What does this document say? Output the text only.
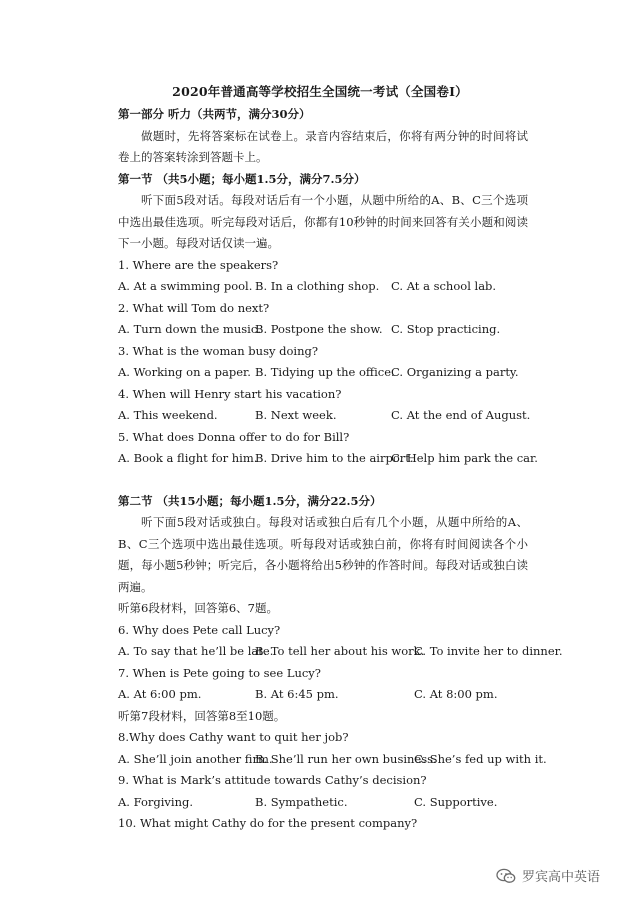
2020年普通高等学校招生全国统一考试（全国卷I）
第一部分 听力（共两节，满分30分）
做题时，先将答案标在试卷上。录音内容结束后，你将有两分钟的时间将试卷上的答案转涂到答题卡上。
第一节 （共5小题；每小题1.5分，满分7.5分）
听下面5段对话。每段对话后有一个小题，从题中所给的A、B、C三个选项中选出最佳选项。听完每段对话后，你都有10秒钟的时间来回答有关小题和阅读下一小题。每段对话仅读一遍。
1. Where are the speakers?
A. At a swimming pool. B. In a clothing shop. C. At a school lab.
2. What will Tom do next?
A. Turn down the music.
B. Postpone the show. C. Stop practicing.
3. What is the woman busy doing?
A. Working on a paper. B. Tidying up the office.
C. Organizing a party.
4. When will Henry start his vacation?
A. This weekend.	B. Next week.	C. At the end of August.
5. What does Donna offer to do for Bill?
A. Book a flight for him.
B. Drive him to the airport.
C. Help him park the car.
第二节 （共15小题；每小题1.5分，满分22.5分）
听下面5段对话或独白。每段对话或独白后有几个小题，从题中所给的A、B、C三个选项中选出最佳选项。听每段对话或独白前，你将有时间阅读各个小题，每小题5秒钟；听完后，各小题将给出5秒钟的作答时间。每段对话或独白读两遍。
听第6段材料，回答第6、7题。
6. Why does Pete call Lucy?
A. To say that he’ll be late.
B. To tell her about his work.
C. To invite her to dinner.
7. When is Pete going to see Lucy?
A. At 6:00 pm.	B. At 6:45 pm.	C. At 8:00 pm.
听第7段材料，回答第8至10题。
8.Why does Cathy want to quit her job?
A. She’ll join another firm.
B. She’ll run her own business.
C. She’s fed up with it.
9. What is Mark’s attitude towards Cathy’s decision?
A. Forgiving.	B. Sympathetic.	C. Supportive.
10. What might Cathy do for the present company?
罗宾高中英语
